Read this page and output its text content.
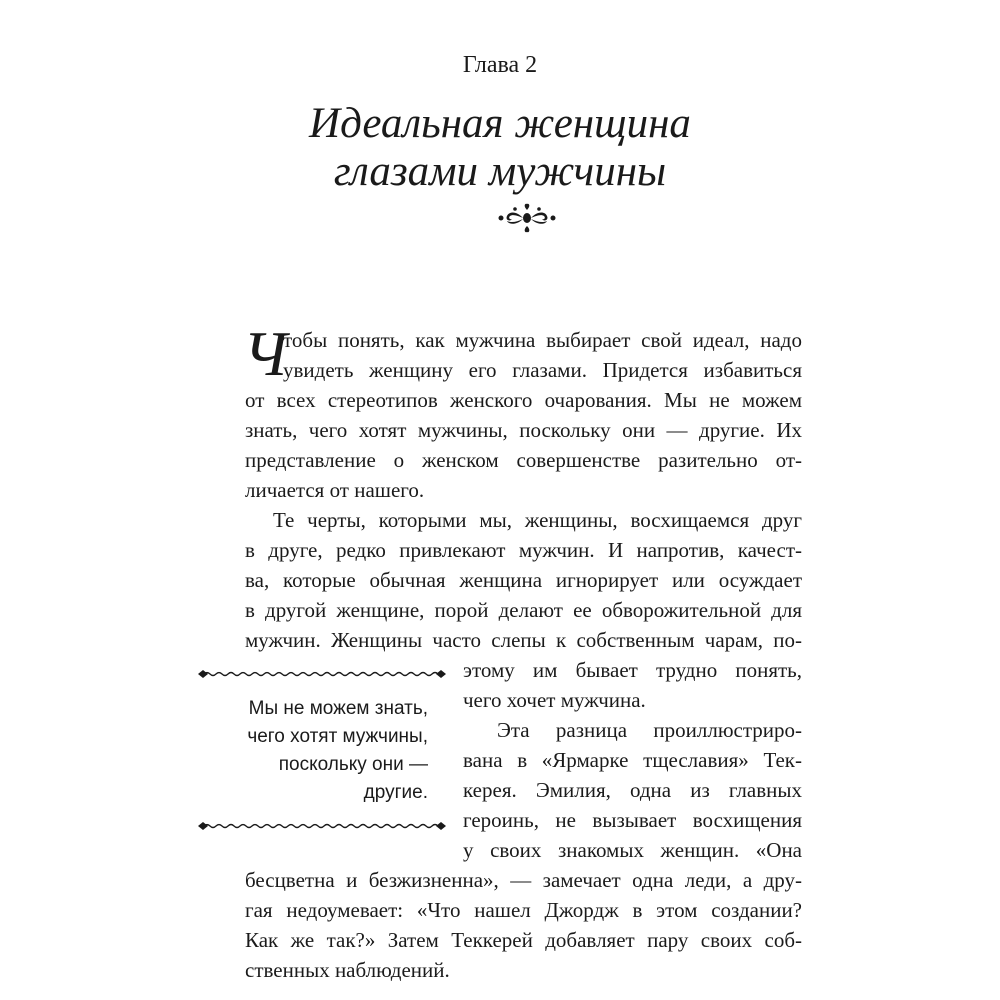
Глава 2
Идеальная женщина
глазами мужчины
Ч
тобы понять, как мужчина выбирает свой идеал, надо
увидеть женщину его глазами. Придется избавиться
от всех стереотипов женского очарования. Мы не можем
знать, чего хотят мужчины, поскольку они — другие. Их
представление о женском совершенстве разительно от-
личается от нашего.
Те черты, которыми мы, женщины, восхищаемся друг
в друге, редко привлекают мужчин. И напротив, качест-
ва, которые обычная женщина игнорирует или осуждает
в другой женщине, порой делают ее обворожительной для
мужчин. Женщины часто слепы к собственным чарам, по-
этому им бывает трудно понять,
чего хочет мужчина.
Эта разница проиллюстриро-
вана в «Ярмарке тщеславия» Тек-
керея. Эмилия, одна из главных
героинь, не вызывает восхищения
у своих знакомых женщин. «Она
бесцветна и безжизненна», — замечает одна леди, а дру-
гая недоумевает: «Что нашел Джордж в этом создании?
Как же так?» Затем Теккерей добавляет пару своих соб-
ственных наблюдений.
Мы не можем знать,
чего хотят мужчины,
поскольку они —
другие.
